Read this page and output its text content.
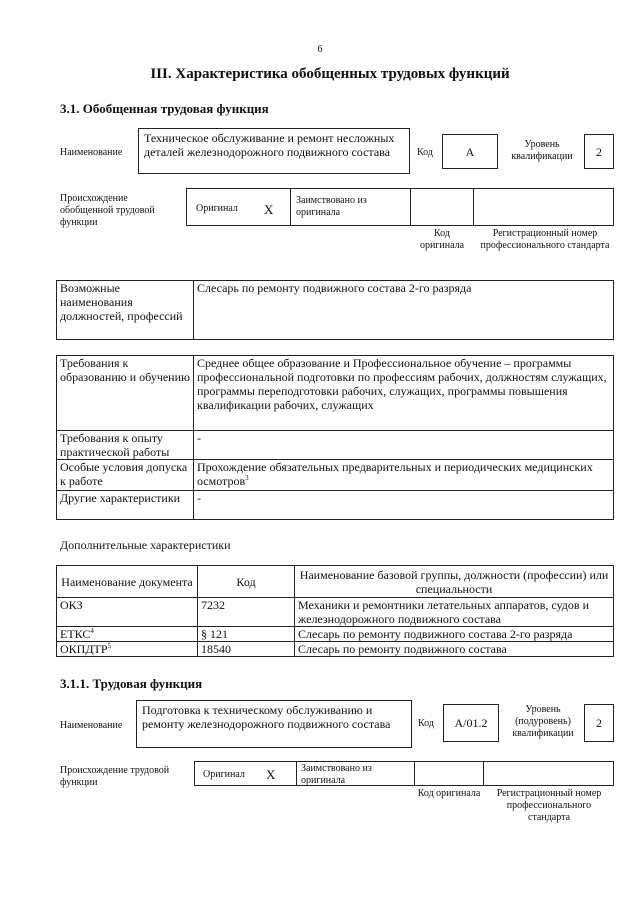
6
III. Характеристика обобщенных трудовых функций
3.1. Обобщенная трудовая функция
Наименование
Техническое обслуживание и ремонт несложных деталей железнодорожного подвижного состава	Код	А
Уровень квалификации	2
Происхождение обобщенной трудовой функции
Оригинал Х
Заимствовано из оригинала
Код оригинала
Регистрационный номер профессионального стандарта
Возможные наименования должностей, профессий	Слесарь по ремонту подвижного состава 2-го разряда
Требования к образованию и обучению	Среднее общее образование и Профессиональное обучение – программы профессиональной подготовки по профессиям рабочих, должностям служащих, программы переподготовки рабочих, служащих, программы повышения квалификации рабочих, служащих
Требования к опыту практической работы	-
Особые условия допуска к работе	Прохождение обязательных предварительных и периодических медицинских осмотров$^3$
Другие характеристики	-
Дополнительные характеристики
Наименование документа	Код	Наименование базовой группы, должности (профессии) или специальности
ОКЗ	7232	Механики и ремонтники летательных аппаратов, судов и железнодорожного подвижного состава
ЕТКС$^4$	§ 121	Слесарь по ремонту подвижного состава 2-го разряда
ОКПДТР$^5$	18540	Слесарь по ремонту подвижного состава
3.1.1. Трудовая функция
Наименование
Подготовка к техническому обслуживанию и ремонту железнодорожного подвижного состава	Код	А/01.2
Уровень (подуровень) квалификации
2
Происхождение трудовой функции
Оригинал Х	Заимствовано из оригинала
Код оригинала	Регистрационный номер профессионального стандарта
